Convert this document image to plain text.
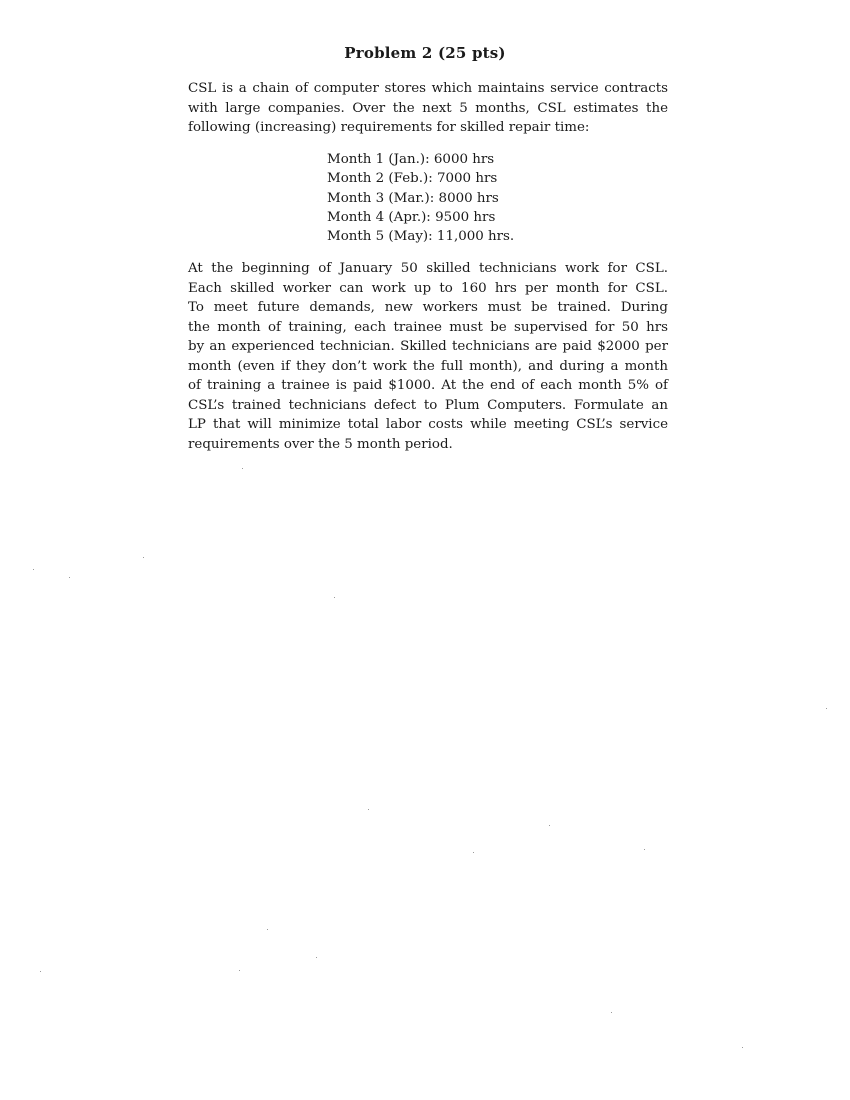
Problem 2 (25 pts)
CSL is a chain of computer stores which maintains service contracts
with large companies. Over the next 5 months, CSL estimates the
following (increasing) requirements for skilled repair time:
Month 1 (Jan.): 6000 hrs
Month 2 (Feb.): 7000 hrs
Month 3 (Mar.): 8000 hrs
Month 4 (Apr.): 9500 hrs
Month 5 (May): 11,000 hrs.
At the beginning of January 50 skilled technicians work for CSL.
Each skilled worker can work up to 160 hrs per month for CSL.
To meet future demands, new workers must be trained. During
the month of training, each trainee must be supervised for 50 hrs
by an experienced technician. Skilled technicians are paid $2000 per
month (even if they don’t work the full month), and during a month
of training a trainee is paid $1000. At the end of each month 5% of
CSL’s trained technicians defect to Plum Computers. Formulate an
LP that will minimize total labor costs while meeting CSL’s service
requirements over the 5 month period.
